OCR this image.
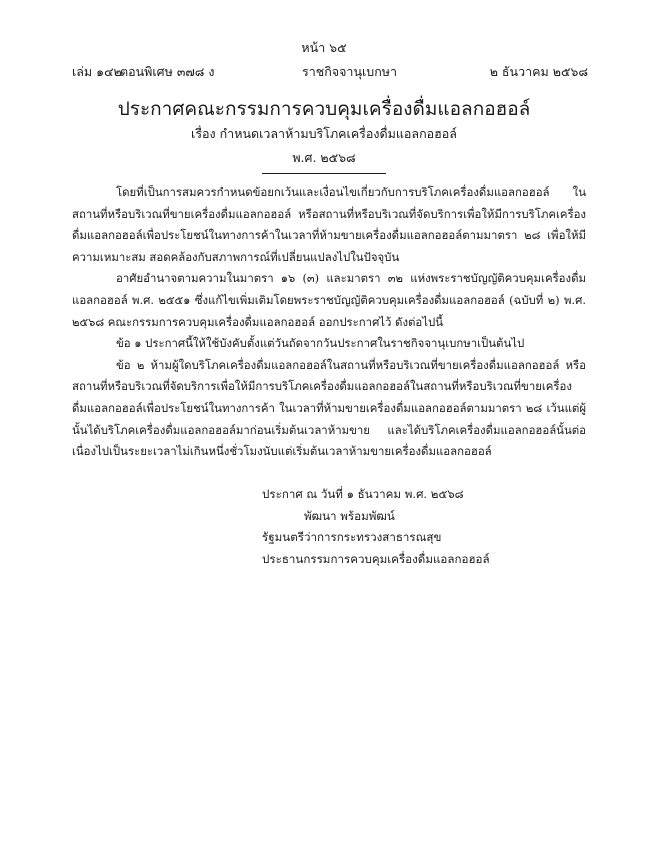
หน้า ๖๕
เล่ม ๑๔๒
ตอนพิเศษ ๓๗๘ ง	ราชกิจจานุเบกษา	๒ ธันวาคม ๒๕๖๘
ประกาศคณะกรรมการควบคุมเครื่องดื่มแอลกอฮอล์
เรื่อง กำหนดเวลาห้ามบริโภคเครื่องดื่มแอลกอฮอล์
พ.ศ. ๒๕๖๘

โดยที่เป็นการสมควรกำหนดข้อยกเว้นและเงื่อนไขเกี่ยวกับการบริโภคเครื่องดื่มแอลกอฮอล์ ในสถานที่หรือบริเวณที่ขายเครื่องดื่มแอลกอฮอล์ หรือสถานที่หรือบริเวณที่จัดบริการเพื่อให้มีการบริโภคเครื่องดื่มแอลกอฮอล์เพื่อประโยชน์ในทางการค้าในเวลาที่ห้ามขายเครื่องดื่มแอลกอฮอล์ตามมาตรา ๒๘ เพื่อให้มีความเหมาะสม สอดคล้องกับสภาพการณ์ที่เปลี่ยนแปลงไปในปัจจุบัน

อาศัยอำนาจตามความในมาตรา ๑๖ (๓) และมาตรา ๓๒ แห่งพระราชบัญญัติควบคุมเครื่องดื่มแอลกอฮอล์ พ.ศ. ๒๕๕๑ ซึ่งแก้ไขเพิ่มเติมโดยพระราชบัญญัติควบคุมเครื่องดื่มแอลกอฮอล์ (ฉบับที่ ๒) พ.ศ. ๒๕๖๘ คณะกรรมการควบคุมเครื่องดื่มแอลกอฮอล์ ออกประกาศไว้ ดังต่อไปนี้

ข้อ ๑ ประกาศนี้ให้ใช้บังคับตั้งแต่วันถัดจากวันประกาศในราชกิจจานุเบกษาเป็นต้นไป

ข้อ ๒ ห้ามผู้ใดบริโภคเครื่องดื่มแอลกอฮอล์ในสถานที่หรือบริเวณที่ขายเครื่องดื่มแอลกอฮอล์ หรือสถานที่หรือบริเวณที่จัดบริการเพื่อให้มีการบริโภคเครื่องดื่มแอลกอฮอล์ในสถานที่หรือบริเวณที่ขายเครื่องดื่มแอลกอฮอล์เพื่อประโยชน์ในทางการค้า ในเวลาที่ห้ามขายเครื่องดื่มแอลกอฮอล์ตามมาตรา ๒๘ เว้นแต่ผู้นั้นได้บริโภคเครื่องดื่มแอลกอฮอล์มาก่อนเริ่มต้นเวลาห้ามขาย และได้บริโภคเครื่องดื่มแอลกอฮอล์นั้นต่อเนื่องไปเป็นระยะเวลาไม่เกินหนึ่งชั่วโมงนับแต่เริ่มต้นเวลาห้ามขายเครื่องดื่มแอลกอฮอล์

ประกาศ ณ วันที่ ๑ ธันวาคม พ.ศ. ๒๕๖๘
พัฒนา พร้อมพัฒน์
รัฐมนตรีว่าการกระทรวงสาธารณสุข
ประธานกรรมการควบคุมเครื่องดื่มแอลกอฮอล์
